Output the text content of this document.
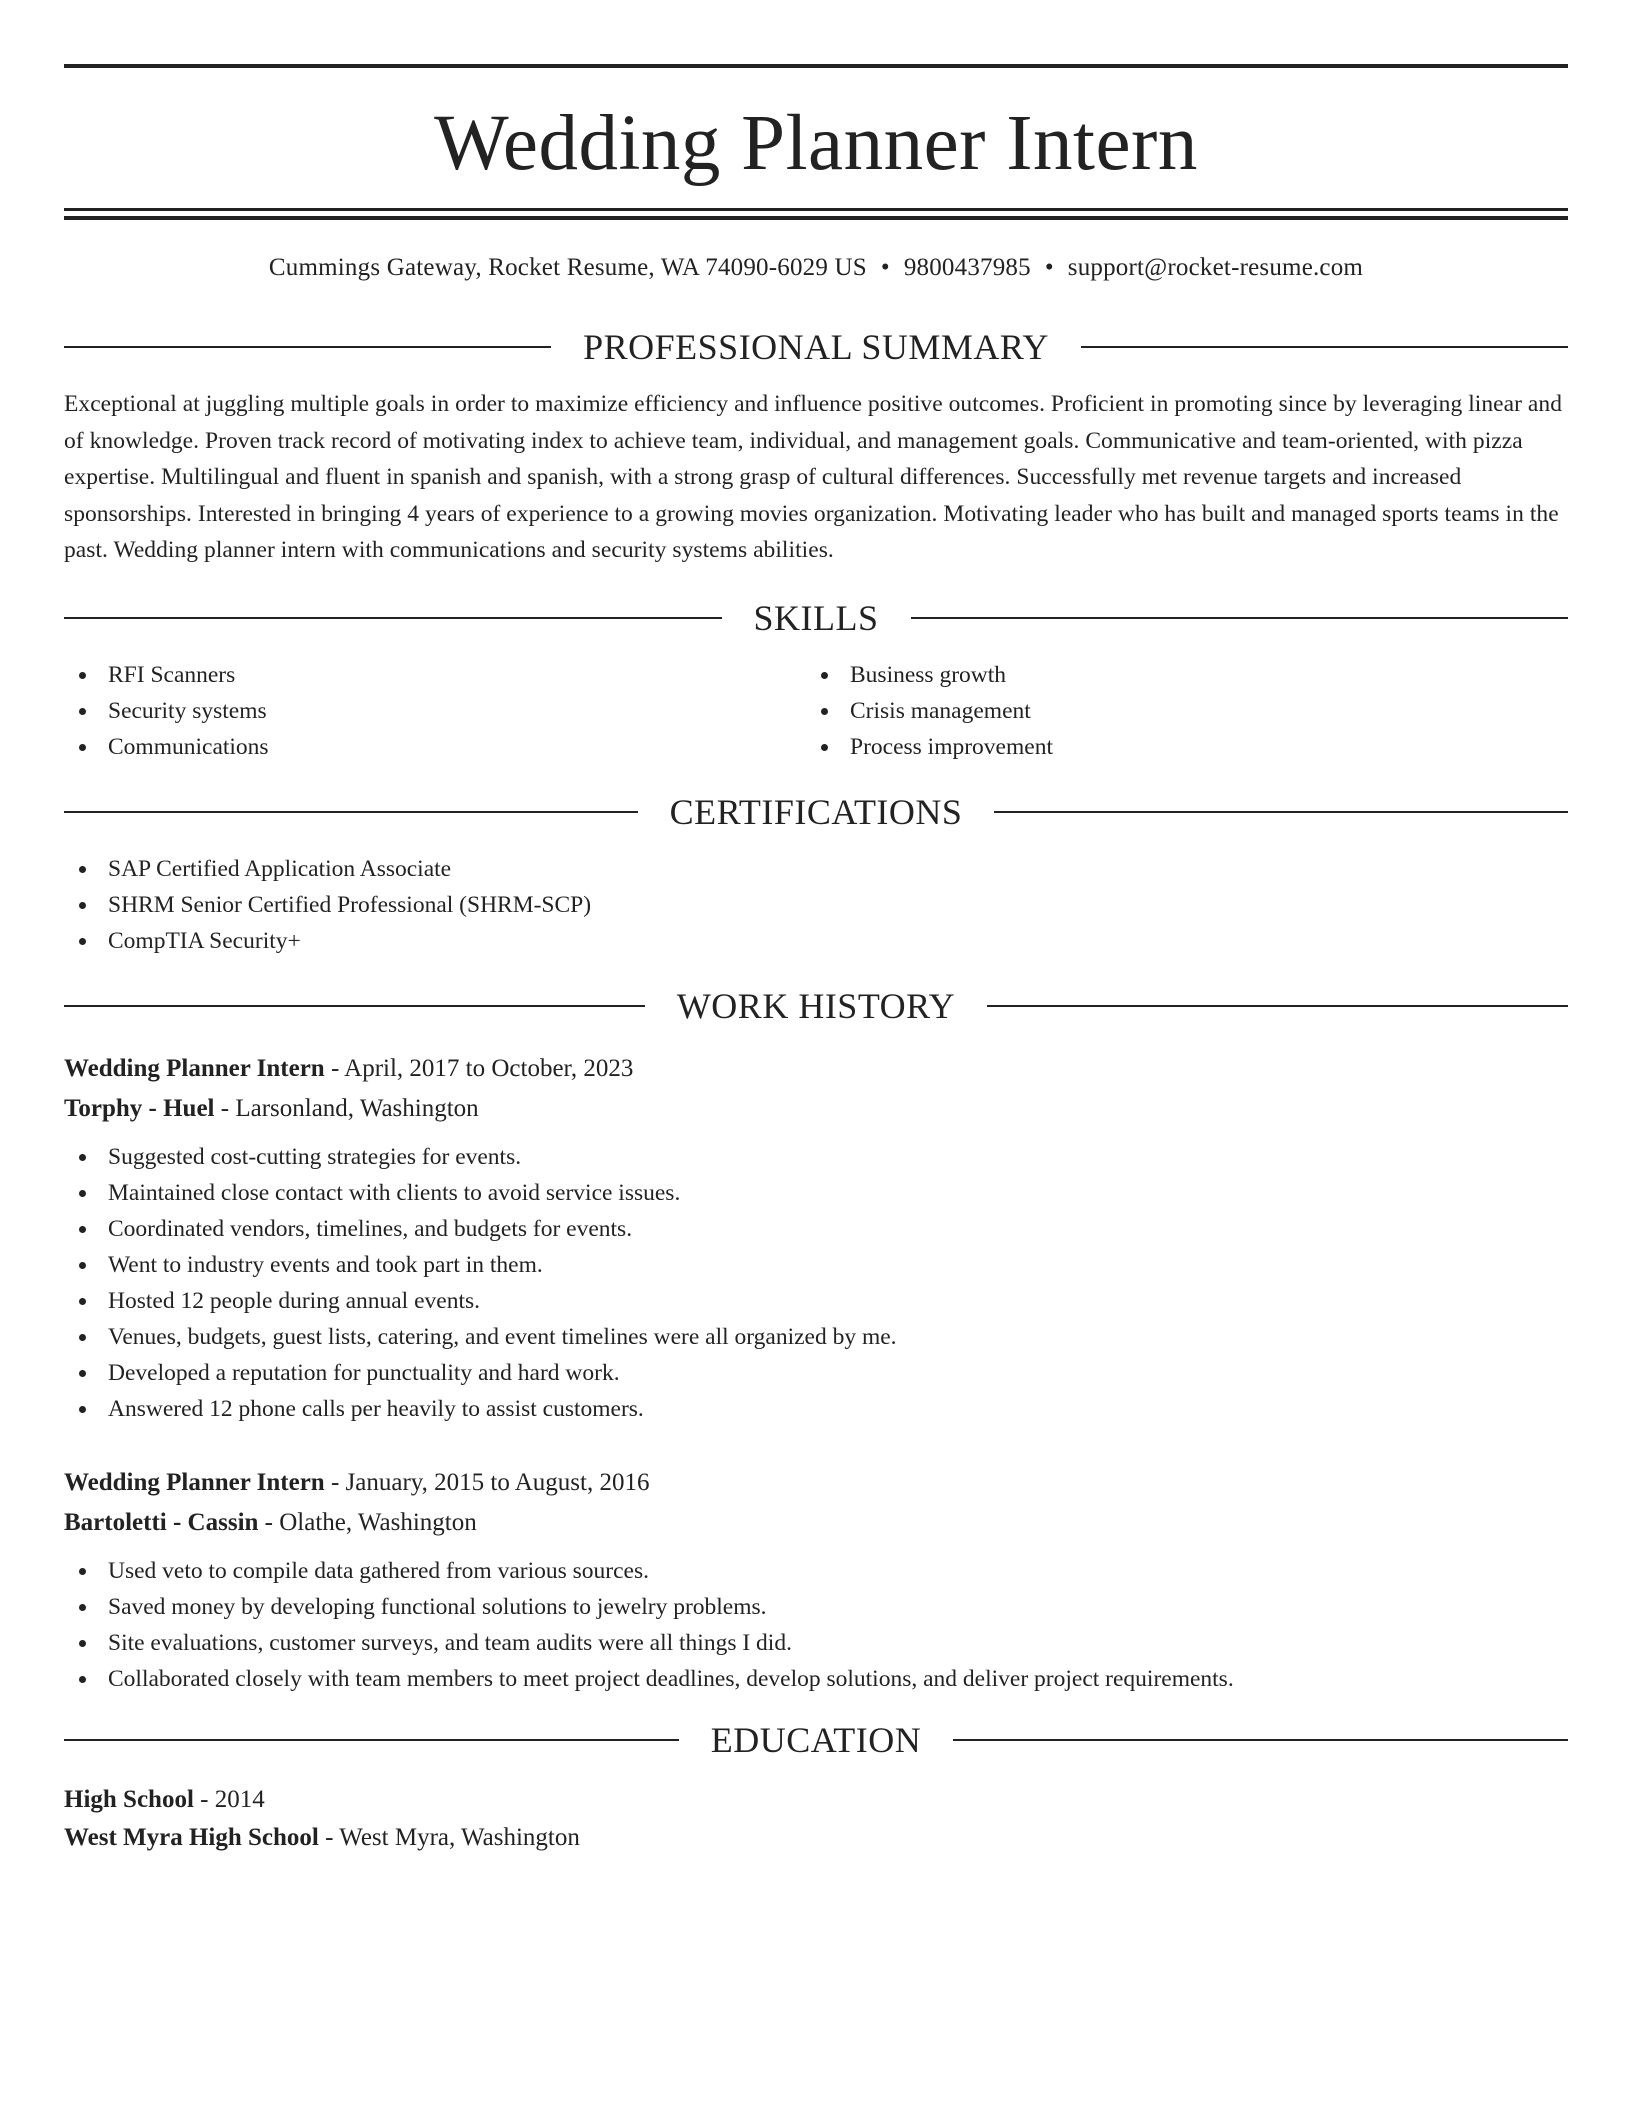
Wedding Planner Intern
Cummings Gateway, Rocket Resume, WA 74090-6029 US • 9800437985 • support@rocket-resume.com
PROFESSIONAL SUMMARY
Exceptional at juggling multiple goals in order to maximize efficiency and influence positive outcomes. Proficient in promoting since by leveraging linear and of knowledge. Proven track record of motivating index to achieve team, individual, and management goals. Communicative and team-oriented, with pizza expertise. Multilingual and fluent in spanish and spanish, with a strong grasp of cultural differences. Successfully met revenue targets and increased sponsorships. Interested in bringing 4 years of experience to a growing movies organization. Motivating leader who has built and managed sports teams in the past. Wedding planner intern with communications and security systems abilities.
SKILLS
RFI Scanners
Security systems
Communications
Business growth
Crisis management
Process improvement
CERTIFICATIONS
SAP Certified Application Associate
SHRM Senior Certified Professional (SHRM-SCP)
CompTIA Security+
WORK HISTORY
Wedding Planner Intern - April, 2017 to October, 2023
Torphy - Huel - Larsonland, Washington
Suggested cost-cutting strategies for events.
Maintained close contact with clients to avoid service issues.
Coordinated vendors, timelines, and budgets for events.
Went to industry events and took part in them.
Hosted 12 people during annual events.
Venues, budgets, guest lists, catering, and event timelines were all organized by me.
Developed a reputation for punctuality and hard work.
Answered 12 phone calls per heavily to assist customers.
Wedding Planner Intern - January, 2015 to August, 2016
Bartoletti - Cassin - Olathe, Washington
Used veto to compile data gathered from various sources.
Saved money by developing functional solutions to jewelry problems.
Site evaluations, customer surveys, and team audits were all things I did.
Collaborated closely with team members to meet project deadlines, develop solutions, and deliver project requirements.
EDUCATION
High School - 2014
West Myra High School - West Myra, Washington
